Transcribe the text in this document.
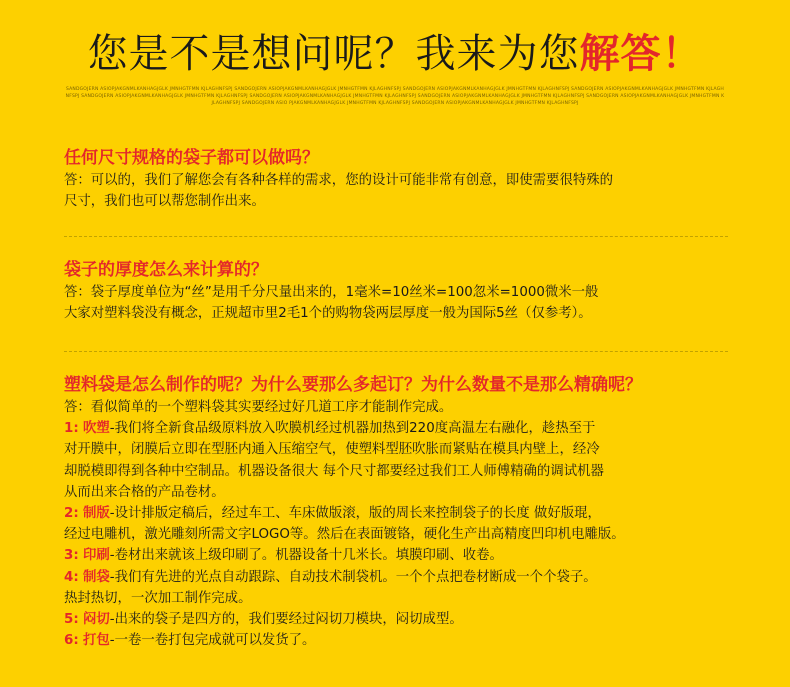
您是不是想问呢？我来为您解答！
SANDGOJERN ASIOPJAKGNMLKANHAGJGLK JMNHGTFMN KJLAGHNFSPJ SANDGOJERN ASIOPJAKGNMLKANHAGJGLK JMNHGTFMN KJLAGHNFSPJ SANDGOJERN ASIOPJAKGNMLKANHAGJGLK JMNHGTFMN KJLAGHNFSPJ SANDGOJERN ASIOPJAKGNMLKANHAGJGLK JMNHGTFMN KJLAGHNFSPJ SANDGOJERN ASIOPJAKGNMLKANHAGJGLK JMNHGTFMN KJLAGHNFSPJ SANDGOJERN ASIOPJAKGNMLKANHAGJGLK JMNHGTFMN KJLAGHNFSPJ SANDGOJERN ASIOPJAKGNMLKANHAGJGLK JMNHGTFMN KJLAGHNFSPJ SANDGOJERN ASIOPJAKGNMLKANHAGJGLK JMNHGTFMN KJLAGHNFSPJ SANDGOJERN ASIO PJAKGNMLKANHAGJGLK JMNHGTFMN KJLAGHNFSPJ SANDGOJERN ASIOPJAKGNMLKANHAGJGLK JMNHGTFMN KJLAGHNFSPJ

任何尺寸规格的袋子都可以做吗？

答：可以的，我们了解您会有各种各样的需求，您的设计可能非常有创意，即使需要很特殊的

尺寸，我们也可以帮您制作出来。

袋子的厚度怎么来计算的？

答：袋子厚度单位为“丝”是用千分尺量出来的，1毫米=10丝米=100忽米=1000微米一般

大家对塑料袋没有概念，正规超市里2毛1个的购物袋两层厚度一般为国际5丝（仅参考）。

塑料袋是怎么制作的呢？为什么要那么多起订？为什么数量不是那么精确呢？

答：看似简单的一个塑料袋其实要经过好几道工序才能制作完成。

1: 吹塑-我们将全新食品级原料放入吹膜机经过机器加热到220度高温左右融化，趁热至于

对开膜中，闭膜后立即在型胚内通入压缩空气，使塑料型胚吹胀而紧贴在模具内壁上，经冷

却脱模即得到各种中空制品。机器设备很大 每个尺寸都要经过我们工人师傅精确的调试机器

从而出来合格的产品卷材。

2: 制版-设计排版定稿后，经过车工、车床做版滚，版的周长来控制袋子的长度 做好版琨，

经过电雕机，激光雕刻所需文字LOGO等。然后在表面镀铬，硬化生产出高精度凹印机电雕版。

3: 印刷-卷材出来就该上级印刷了。机器设备十几米长。填膜印刷、收卷。

4: 制袋-我们有先进的光点自动跟踪、自动技术制袋机。一个个点把卷材断成一个个袋子。

热封热切，一次加工制作完成。

5: 闷切-出来的袋子是四方的，我们要经过闷切刀模块，闷切成型。

6: 打包-一卷一卷打包完成就可以发货了。
